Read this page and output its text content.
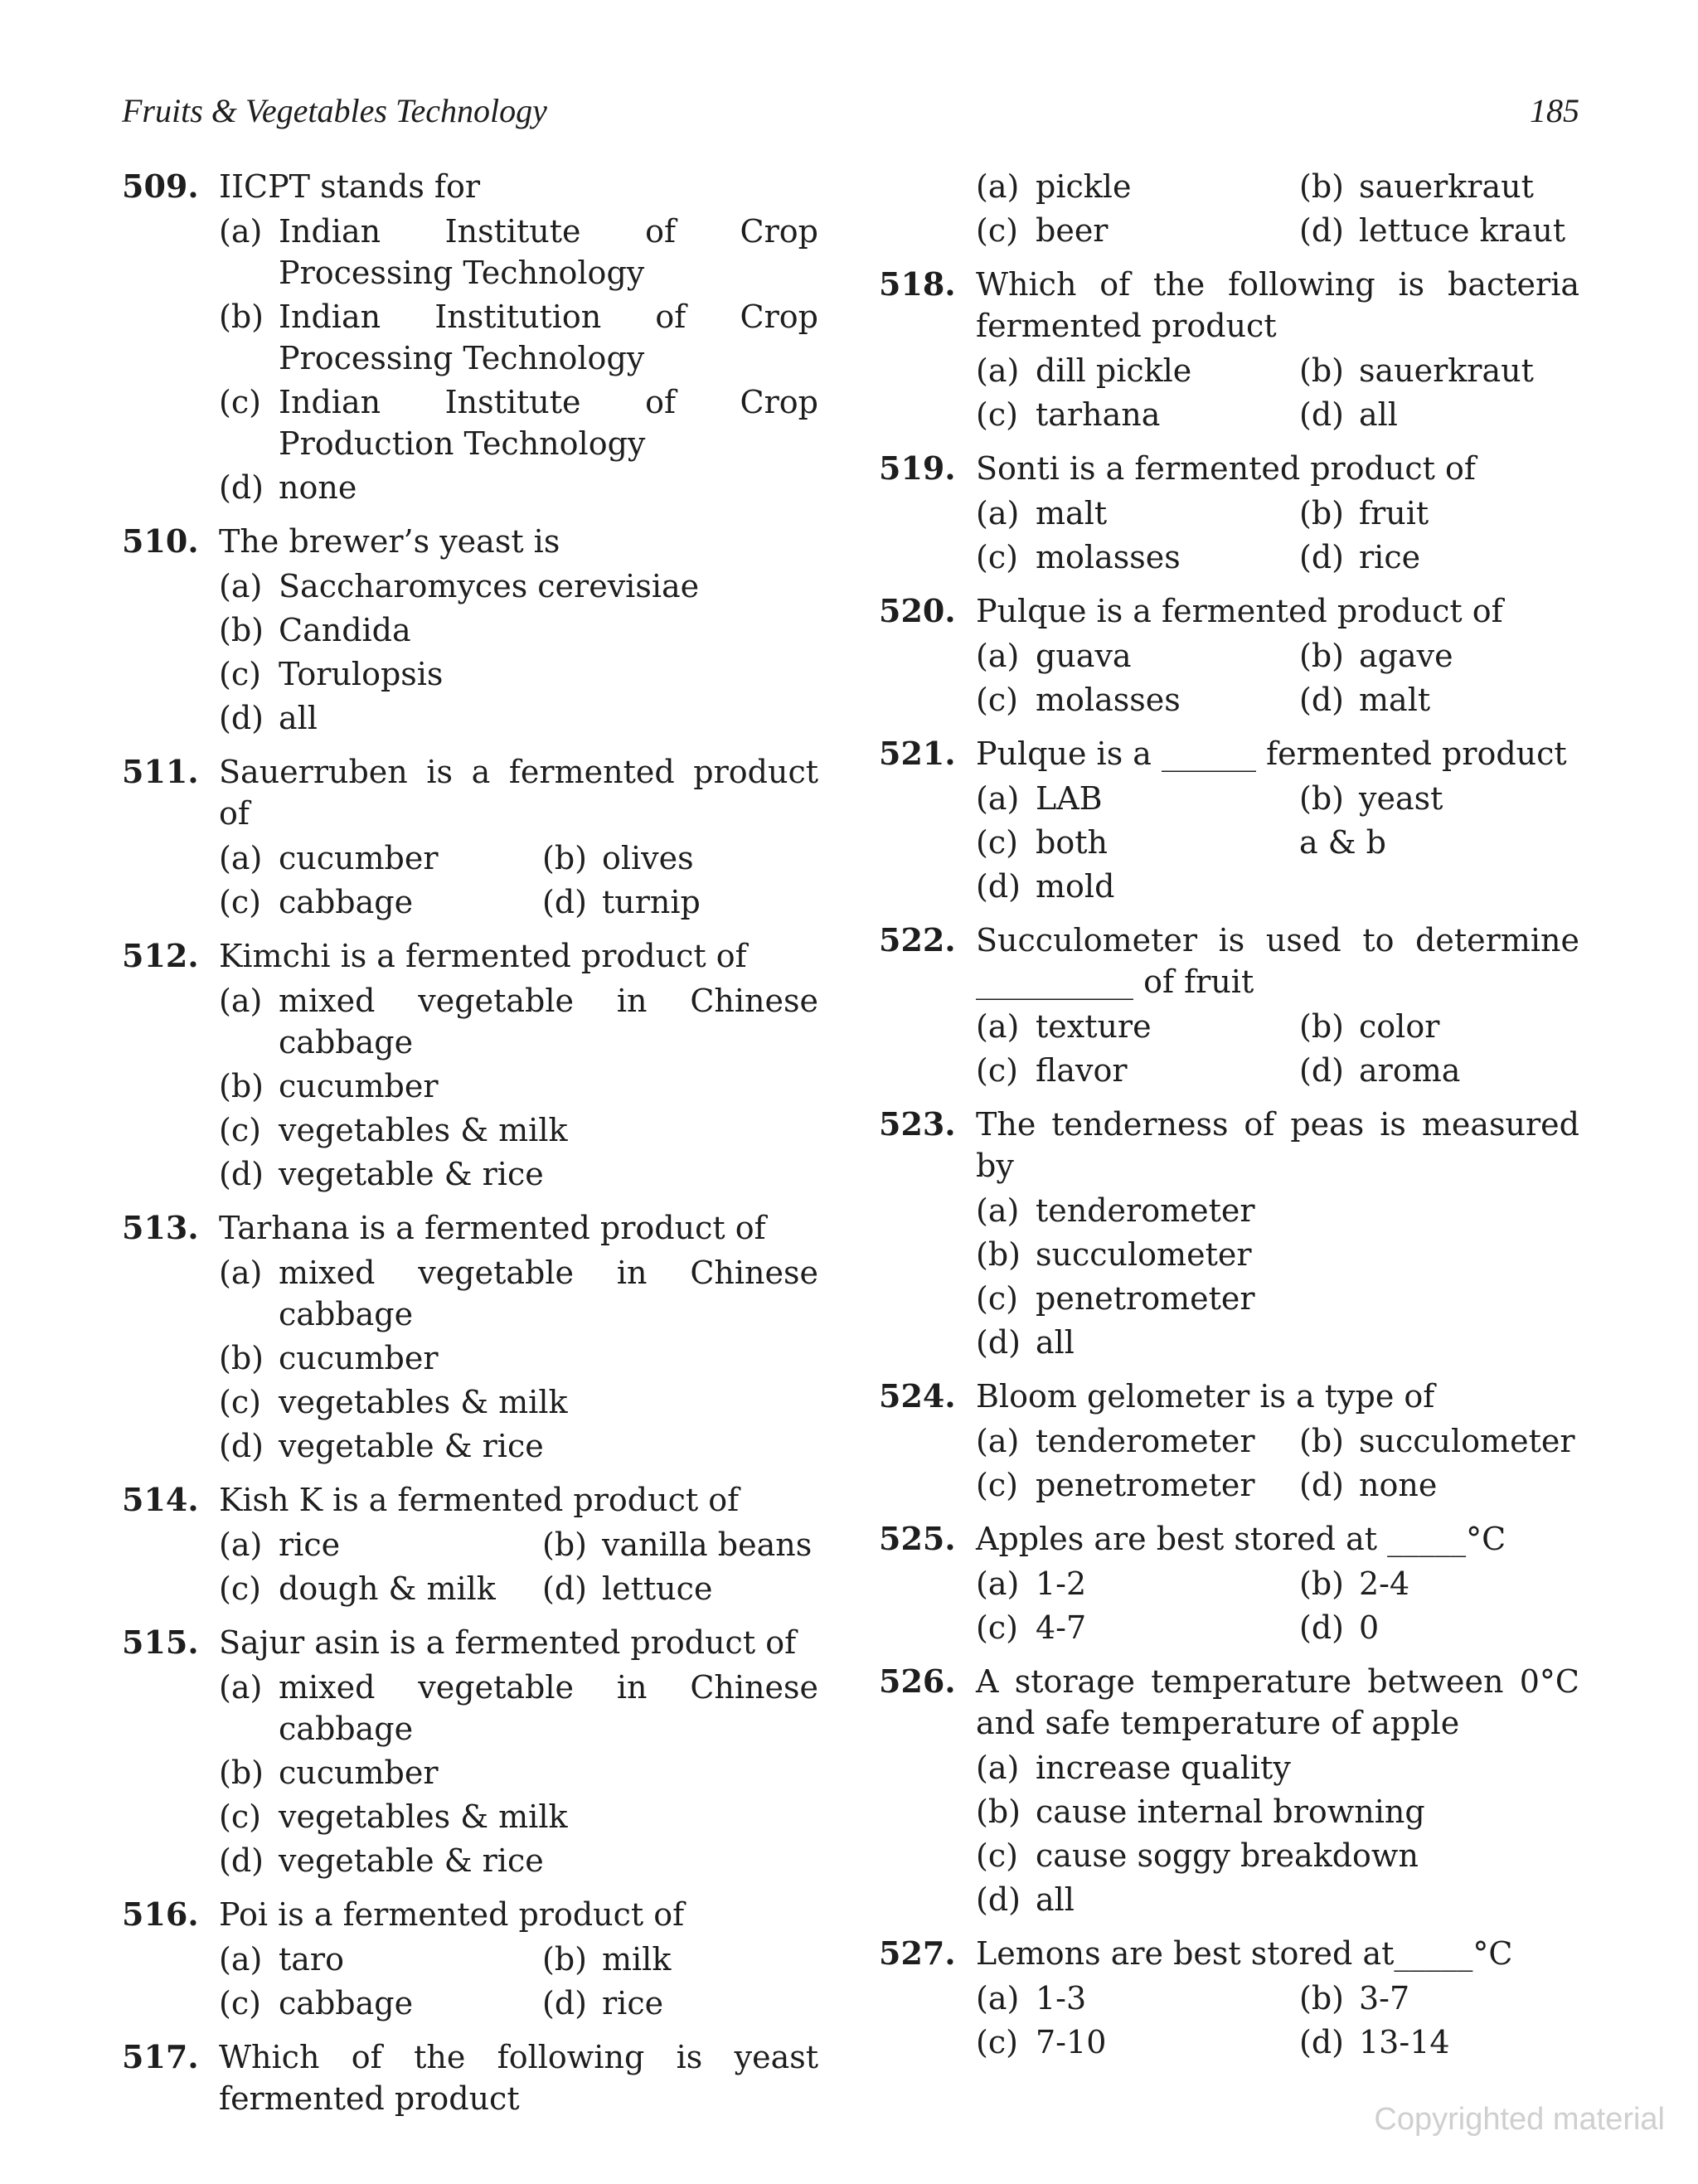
Fruits & Vegetables Technology	185
509. IICPT stands for
(a) Indian Institute of Crop Processing Technology
(b) Indian Institution of Crop Processing Technology
(c) Indian Institute of Crop Production Technology
(d) none
510. The brewer’s yeast is
(a) Saccharomyces cerevisiae
(b) Candida
(c) Torulopsis
(d) all
511. Sauerruben is a fermented product of
(a) cucumber	(b) olives
(c) cabbage	(d) turnip
512. Kimchi is a fermented product of
(a) mixed vegetable in Chinese cabbage
(b) cucumber
(c) vegetables & milk
(d) vegetable & rice
513. Tarhana is a fermented product of
(a) mixed vegetable in Chinese cabbage
(b) cucumber
(c) vegetables & milk
(d) vegetable & rice
514. Kish K is a fermented product of
(a) rice	(b) vanilla beans
(c) dough & milk	(d) lettuce
515. Sajur asin is a fermented product of
(a) mixed vegetable in Chinese cabbage
(b) cucumber
(c) vegetables & milk
(d) vegetable & rice
516. Poi is a fermented product of
(a) taro	(b) milk
(c) cabbage	(d) rice
517. Which of the following is yeast fermented product
(a) pickle	(b) sauerkraut
(c) beer	(d) lettuce kraut
518. Which of the following is bacteria fermented product
(a) dill pickle	(b) sauerkraut
(c) tarhana	(d) all
519. Sonti is a fermented product of
(a) malt	(b) fruit
(c) molasses	(d) rice
520. Pulque is a fermented product of
(a) guava	(b) agave
(c) molasses	(d) malt
521. Pulque is a ______ fermented product
(a) LAB	(b) yeast
(c) both	a & b
(d) mold
522. Succulometer is used to determine __________ of fruit
(a) texture	(b) color
(c) flavor	(d) aroma
523. The tenderness of peas is measured by
(a) tenderometer
(b) succulometer
(c) penetrometer
(d) all
524. Bloom gelometer is a type of
(a) tenderometer	(b) succulometer
(c) penetrometer	(d) none
525. Apples are best stored at _____°C
(a) 1-2	(b) 2-4
(c) 4-7	(d) 0
526. A storage temperature between 0°C and safe temperature of apple
(a) increase quality
(b) cause internal browning
(c) cause soggy breakdown
(d) all
527. Lemons are best stored at_____°C
(a) 1-3	(b) 3-7
(c) 7-10	(d) 13-14
Copyrighted material
